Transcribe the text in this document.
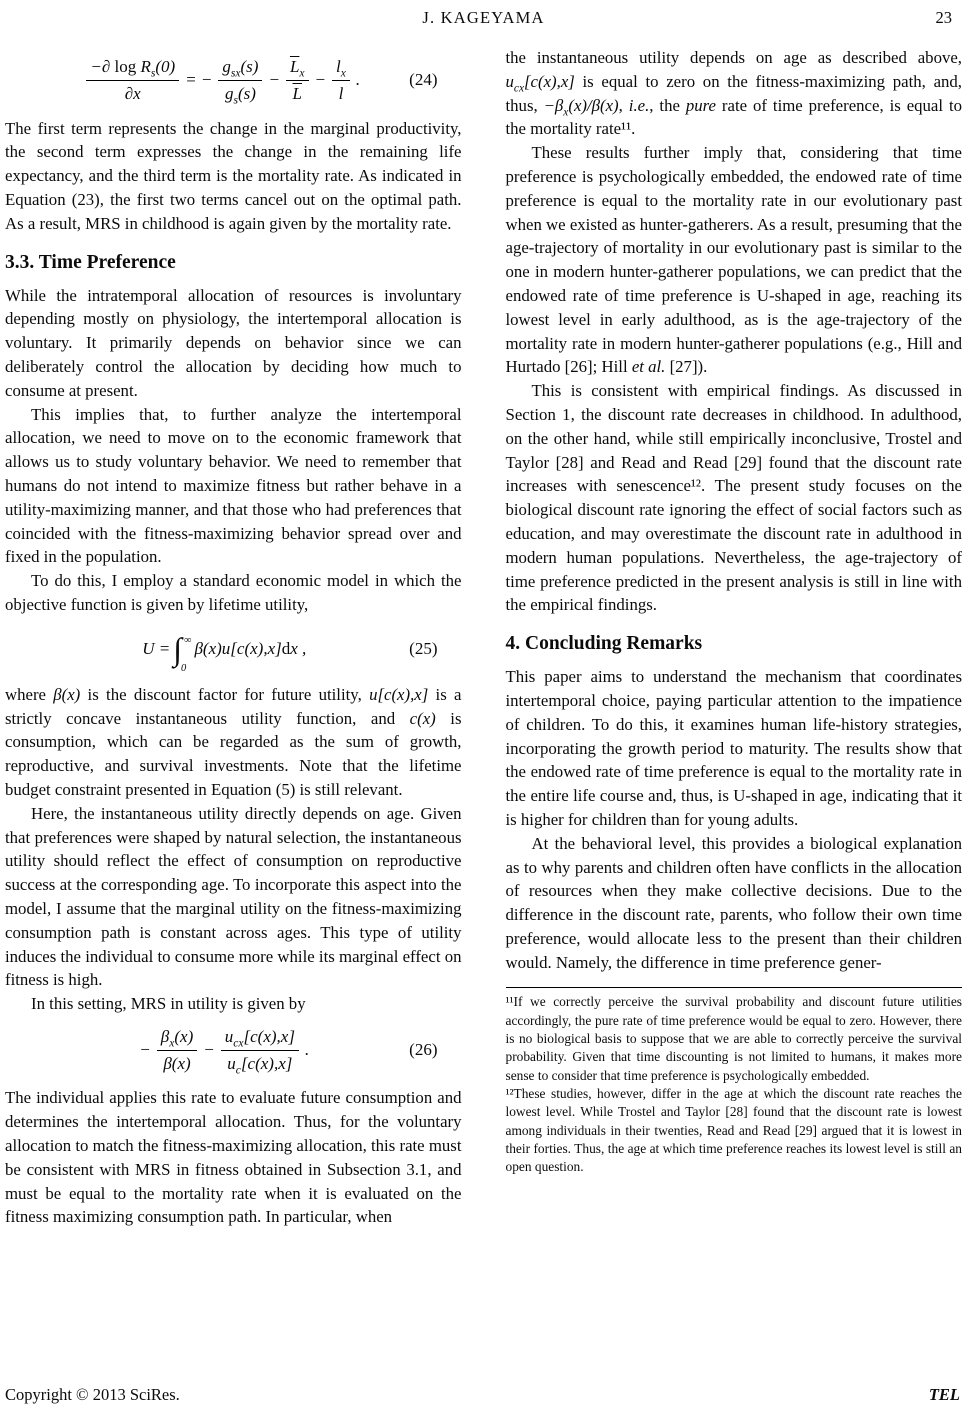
J. KAGEYAMA	23
$\frac{-\partial \log R_s(0)}{\partial x}$ = − $\frac{g_{sx}(s)}{g_s(s)} - \frac{\overline{L}_x}{L} - \frac{l_x}{l}$ .	(24)

The first term represents the change in the marginal productivity, the second term expresses the change in the remaining life expectancy, and the third term is the mortality rate. As indicated in Equation (23), the first two terms cancel out on the optimal path. As a result, MRS in childhood is again given by the mortality rate.

3.3. Time Preference

While the intratemporal allocation of resources is involuntary depending mostly on physiology, the intertemporal allocation is voluntary. It primarily depends on behavior since we can deliberately control the allocation by deciding how much to consume at present.

This implies that, to further analyze the intertemporal allocation, we need to move on to the economic framework that allows us to study voluntary behavior. We need to remember that humans do not intend to maximize fitness but rather behave in a utility-maximizing manner, and that those who had preferences that coincided with the fitness-maximizing behavior spread over and fixed in the population.

To do this, I employ a standard economic model in which the objective function is given by lifetime utility,

U = ∫ ∞
0
β(x)u[c(x),x]dx ,	(25)

where β(x) is the discount factor for future utility, u[c(x),x] is a strictly concave instantaneous utility function, and c(x) is consumption, which can be regarded as the sum of growth, reproductive, and survival investments. Note that the lifetime budget constraint presented in Equation (5) is still relevant.

Here, the instantaneous utility directly depends on age. Given that preferences were shaped by natural selection, the instantaneous utility should reflect the effect of consumption on reproductive success at the corresponding age. To incorporate this aspect into the model, I assume that the marginal utility on the fitness-maximizing consumption path is constant across ages. This type of utility induces the individual to consume more while its marginal effect on fitness is high.

In this setting, MRS in utility is given by

− $\frac{\beta_x(x)}{\beta(x)} - \frac{u_{cx}[c(x),x]}{u_c[c(x),x]}$ .	(26)

The individual applies this rate to evaluate future consumption and determines the intertemporal allocation. Thus, for the voluntary allocation to match the fitness-maximizing allocation, this rate must be consistent with MRS in fitness obtained in Subsection 3.1, and must be equal to the mortality rate when it is evaluated on the fitness maximizing consumption path. In particular, when

the instantaneous utility depends on age as described above, $u_{cx}[c(x),x]$ is equal to zero on the fitness-maximizing path, and, thus, $-\beta_x(x)/\beta(x)$, i.e., the pure rate of time preference, is equal to the mortality rate¹¹.

These results further imply that, considering that time preference is psychologically embedded, the endowed rate of time preference is equal to the mortality rate in our evolutionary past when we existed as hunter-gatherers. As a result, presuming that the age-trajectory of mortality in our evolutionary past is similar to the one in modern hunter-gatherer populations, we can predict that the endowed rate of time preference is U-shaped in age, reaching its lowest level in early adulthood, as is the age-trajectory of the mortality rate in modern hunter-gatherer populations (e.g., Hill and Hurtado [26]; Hill et al. [27]).

This is consistent with empirical findings. As discussed in Section 1, the discount rate decreases in childhood. In adulthood, on the other hand, while still empirically inconclusive, Trostel and Taylor [28] and Read and Read [29] found that the discount rate increases with senescence¹². The present study focuses on the biological discount rate ignoring the effect of social factors such as education, and may overestimate the discount rate in adulthood in modern human populations. Nevertheless, the age-trajectory of time preference predicted in the present analysis is still in line with the empirical findings.

4. Concluding Remarks

This paper aims to understand the mechanism that coordinates intertemporal choice, paying particular attention to the impatience of children. To do this, it examines human life-history strategies, incorporating the growth period to maturity. The results show that the endowed rate of time preference is equal to the mortality rate in the entire life course and, thus, is U-shaped in age, indicating that it is higher for children than for young adults.

At the behavioral level, this provides a biological explanation as to why parents and children often have conflicts in the allocation of resources when they make collective decisions. Due to the difference in the discount rate, parents, who follow their own time preference, would allocate less to the present than their children would. Namely, the difference in time preference gener-

¹¹If we correctly perceive the survival probability and discount future utilities accordingly, the pure rate of time preference would be equal to zero. However, there is no biological basis to suppose that we are able to correctly perceive the survival probability. Given that time discounting is not limited to humans, it makes more sense to consider that time preference is psychologically embedded.

¹²These studies, however, differ in the age at which the discount rate reaches the lowest level. While Trostel and Taylor [28] found that the discount rate is lowest among individuals in their twenties, Read and Read [29] argued that it is lowest in their forties. Thus, the age at which time preference reaches its lowest level is still an open question.

Copyright © 2013 SciRes.	TEL
